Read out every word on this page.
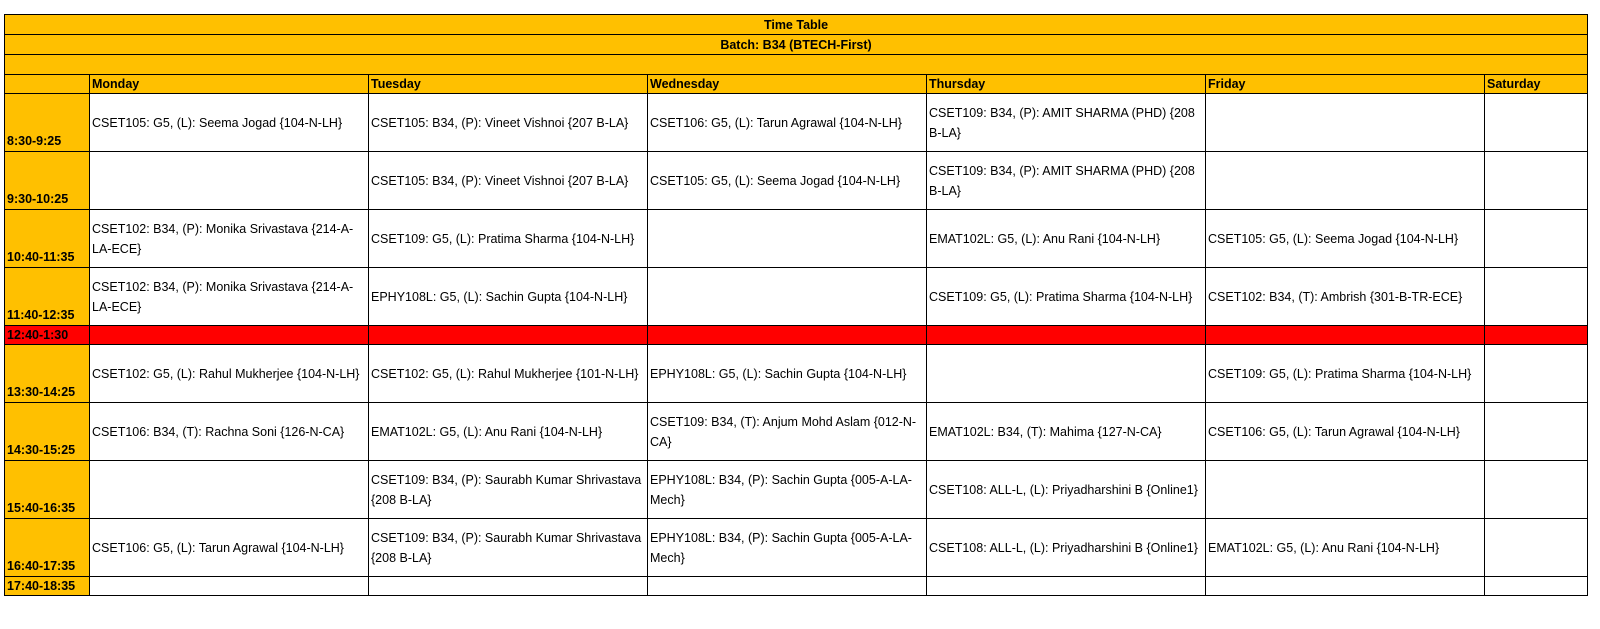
Time Table						
Batch: B34 (BTECH-First)						

	Monday	Tuesday	Wednesday	Thursday	Friday	Saturday
8:30-9:25	CSET105: G5, (L): Seema Jogad {104-N-LH}	CSET105: B34, (P): Vineet Vishnoi {207 B-LA}	CSET106: G5, (L): Tarun Agrawal {104-N-LH}	CSET109: B34, (P): AMIT SHARMA (PHD) {208 B-LA}		
9:30-10:25		CSET105: B34, (P): Vineet Vishnoi {207 B-LA}	CSET105: G5, (L): Seema Jogad {104-N-LH}	CSET109: B34, (P): AMIT SHARMA (PHD) {208 B-LA}		
10:40-11:35	CSET102: B34, (P): Monika Srivastava {214-A-LA-ECE}	CSET109: G5, (L): Pratima Sharma {104-N-LH}		EMAT102L: G5, (L): Anu Rani {104-N-LH}	CSET105: G5, (L): Seema Jogad {104-N-LH}	
11:40-12:35	CSET102: B34, (P): Monika Srivastava {214-A-LA-ECE}	EPHY108L: G5, (L): Sachin Gupta {104-N-LH}		CSET109: G5, (L): Pratima Sharma {104-N-LH}	CSET102: B34, (T): Ambrish {301-B-TR-ECE}	
12:40-1:30						
13:30-14:25	CSET102: G5, (L): Rahul Mukherjee {104-N-LH}	CSET102: G5, (L): Rahul Mukherjee {101-N-LH}	EPHY108L: G5, (L): Sachin Gupta {104-N-LH}		CSET109: G5, (L): Pratima Sharma {104-N-LH}	
14:30-15:25	CSET106: B34, (T): Rachna Soni {126-N-CA}	EMAT102L: G5, (L): Anu Rani {104-N-LH}	CSET109: B34, (T): Anjum Mohd Aslam {012-N-CA}	EMAT102L: B34, (T): Mahima {127-N-CA}	CSET106: G5, (L): Tarun Agrawal {104-N-LH}	
15:40-16:35		CSET109: B34, (P): Saurabh Kumar Shrivastava {208 B-LA}	EPHY108L: B34, (P): Sachin Gupta {005-A-LA-Mech}	CSET108: ALL-L, (L): Priyadharshini B {Online1}		
16:40-17:35	CSET106: G5, (L): Tarun Agrawal {104-N-LH}	CSET109: B34, (P): Saurabh Kumar Shrivastava {208 B-LA}	EPHY108L: B34, (P): Sachin Gupta {005-A-LA-Mech}	CSET108: ALL-L, (L): Priyadharshini B {Online1}	EMAT102L: G5, (L): Anu Rani {104-N-LH}	
17:40-18:35						
